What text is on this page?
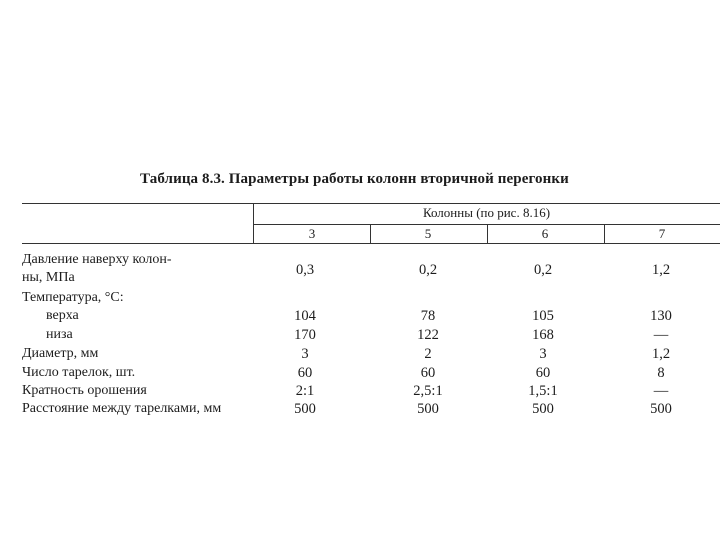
Таблица 8.3. Параметры работы колонн вторичной перегонки
Колонны (по рис. 8.16)
3	5	6	7
Давление наверху колон-
ны, МПа	0,3	0,2	0,2	1,2
Температура, °С:
верха	104	78	105	130
низа	170	122	168	—
Диаметр, мм	3	2	3	1,2
Число тарелок, шт.	60	60	60	8
Кратность орошения	2:1	2,5:1	1,5:1	—
Расстояние между тарелками, мм	500	500	500	500
